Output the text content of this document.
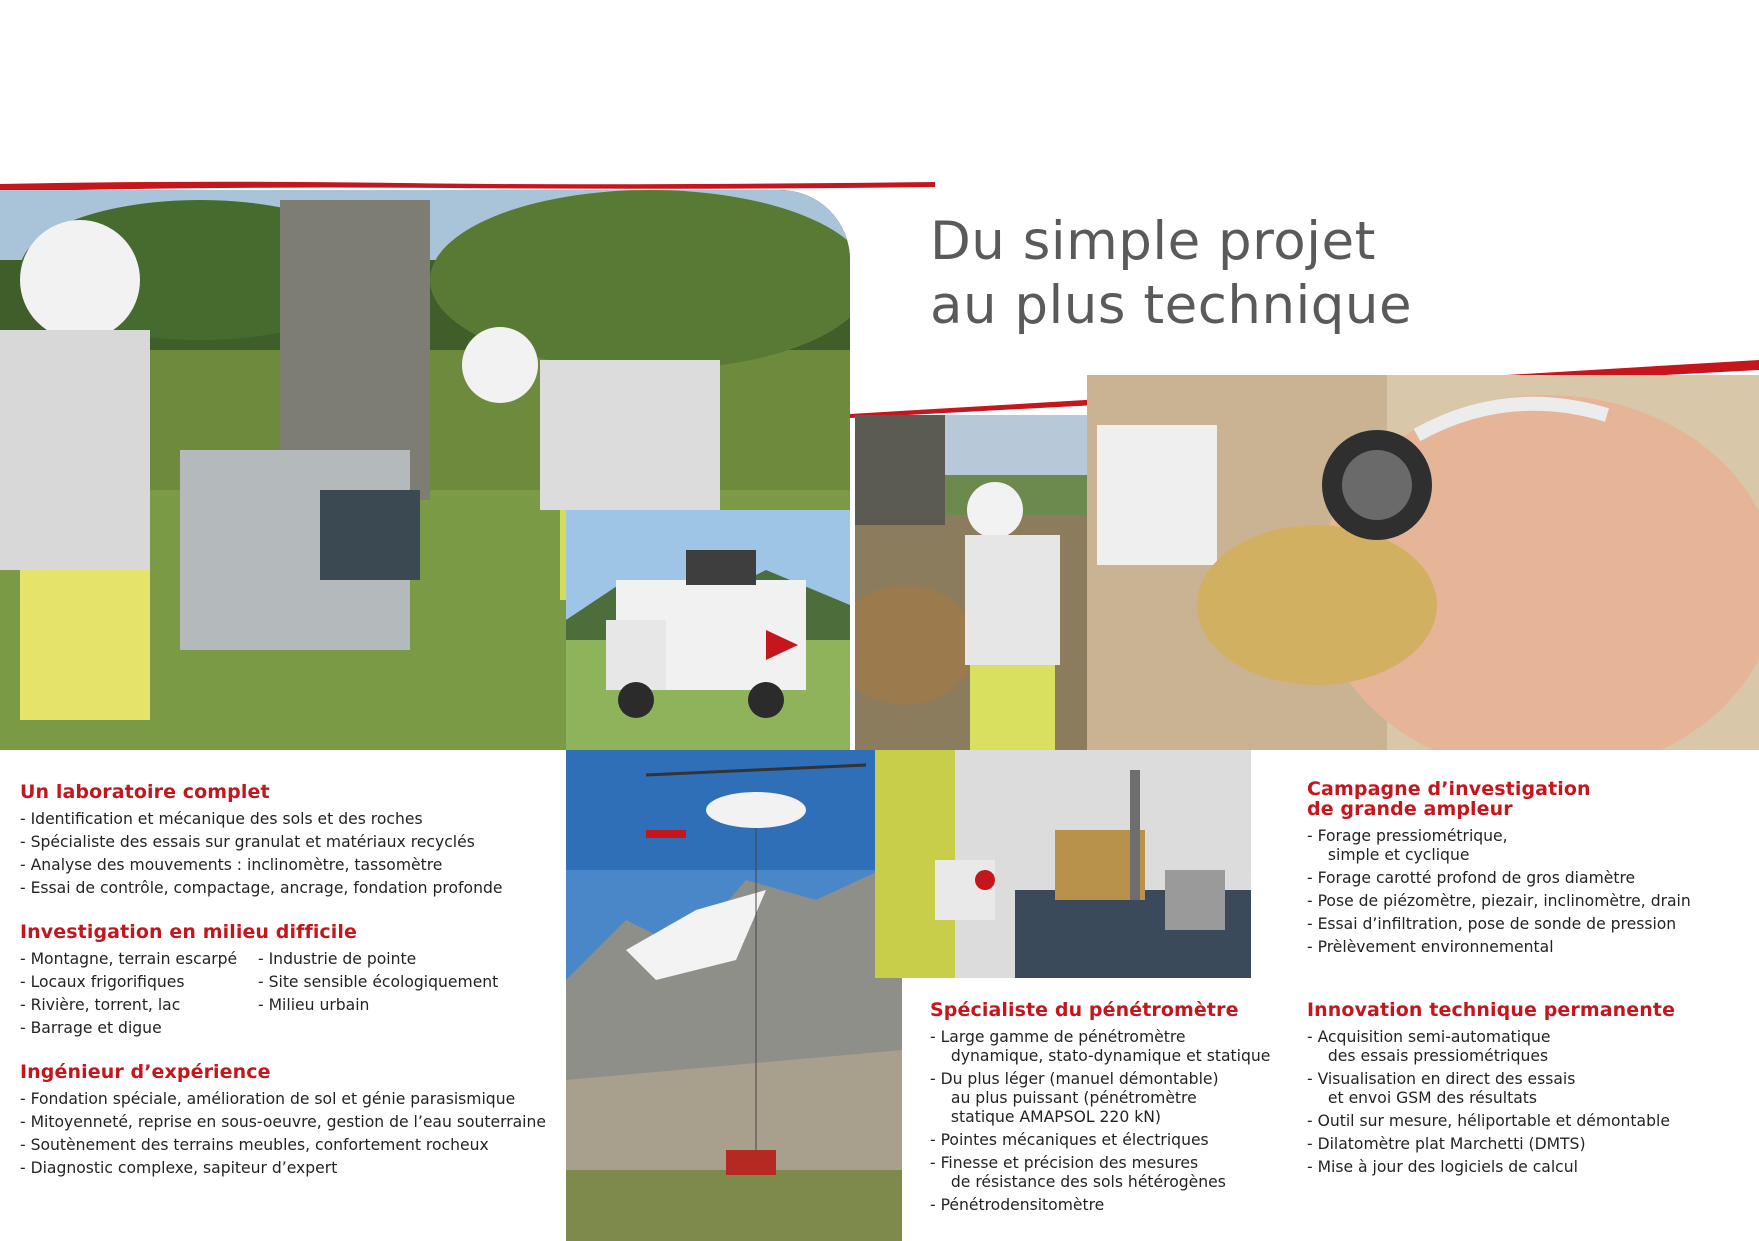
Du simple projet
au plus technique
Un laboratoire complet
- Identification et mécanique des sols et des roches
- Spécialiste des essais sur granulat et matériaux recyclés
- Analyse des mouvements : inclinomètre, tassomètre
- Essai de contrôle, compactage, ancrage, fondation profonde
Investigation en milieu difficile
- Montagne, terrain escarpé
- Locaux frigorifiques
- Rivière, torrent, lac
- Barrage et digue
- Industrie de pointe
- Site sensible écologiquement
- Milieu urbain
Ingénieur d’expérience
- Fondation spéciale, amélioration de sol et génie parasismique
- Mitoyenneté, reprise en sous-oeuvre, gestion de l’eau souterraine
- Soutènement des terrains meubles, confortement rocheux
- Diagnostic complexe, sapiteur d’expert
Spécialiste du pénétromètre
- Large gamme de pénétromètre
dynamique, stato-dynamique et statique
- Du plus léger (manuel démontable)
au plus puissant (pénétromètre
statique AMAPSOL 220 kN)
- Pointes mécaniques et électriques
- Finesse et précision des mesures
de résistance des sols hétérogènes
- Pénétrodensitomètre
Campagne d’investigation
de grande ampleur
- Forage pressiométrique,
simple et cyclique
- Forage carotté profond de gros diamètre
- Pose de piézomètre, piezair, inclinomètre, drain
- Essai d’infiltration, pose de sonde de pression
- Prèlèvement environnemental
Innovation technique permanente
- Acquisition semi-automatique
des essais pressiométriques
- Visualisation en direct des essais
et envoi GSM des résultats
- Outil sur mesure, héliportable et démontable
- Dilatomètre plat Marchetti (DMTS)
- Mise à jour des logiciels de calcul
